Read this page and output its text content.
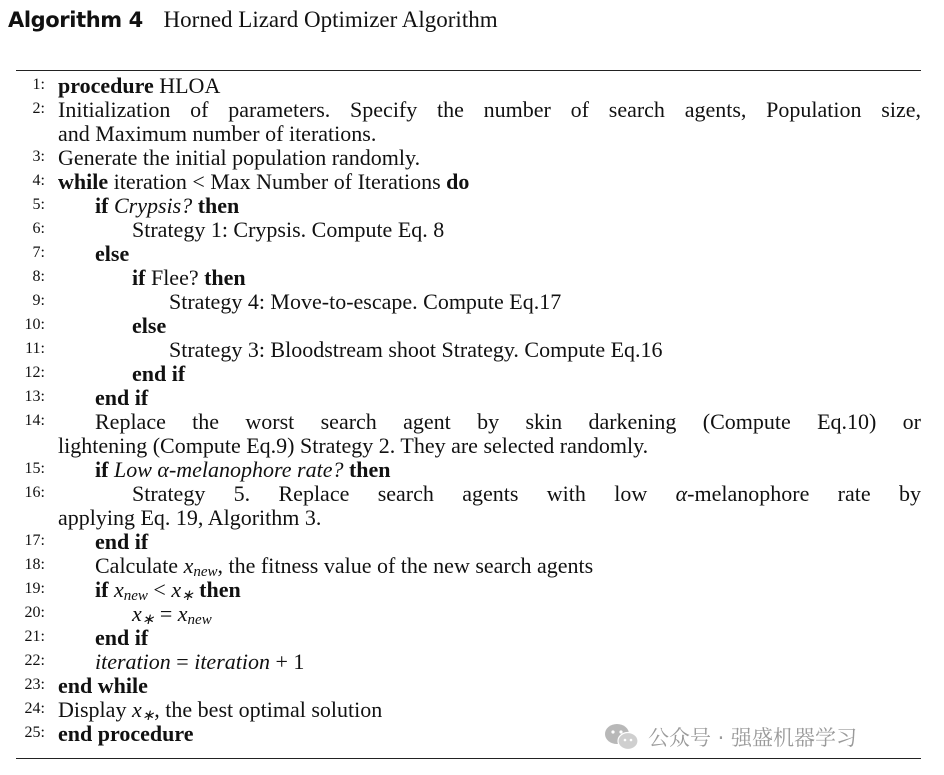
Algorithm 4 Horned Lizard Optimizer Algorithm
1: procedure HLOA
2: Initialization of parameters. Specify the number of search agents, Population size,
and Maximum number of iterations.
3: Generate the initial population randomly.
4: while iteration < Max Number of Iterations do
5: if Crypsis? then
6:	Strategy 1: Crypsis. Compute Eq. 8
7: else
8:	if Flee? then
9:	Strategy 4: Move-to-escape. Compute Eq.17
10:	else
11:	Strategy 3: Bloodstream shoot Strategy. Compute Eq.16
12:	end if
13: end if
14: Replace the worst search agent by skin darkening (Compute Eq.10) or
lightening (Compute Eq.9) Strategy 2. They are selected randomly.
15: if Low α-melanophore rate? then
16:	Strategy 5. Replace search agents with low α-melanophore rate by
applying Eq. 19, Algorithm 3.
17: end if
18: Calculate $x_{new}$, the fitness value of the new search agents
19: if $x_{new} < x_∗$ then
20:	$x_∗ = x_{new}$
21: end if
22: iteration = iteration + 1
23: end while
24: Display $x_∗$, the best optimal solution
25: end procedure	公众号 · 强盛机器学习
